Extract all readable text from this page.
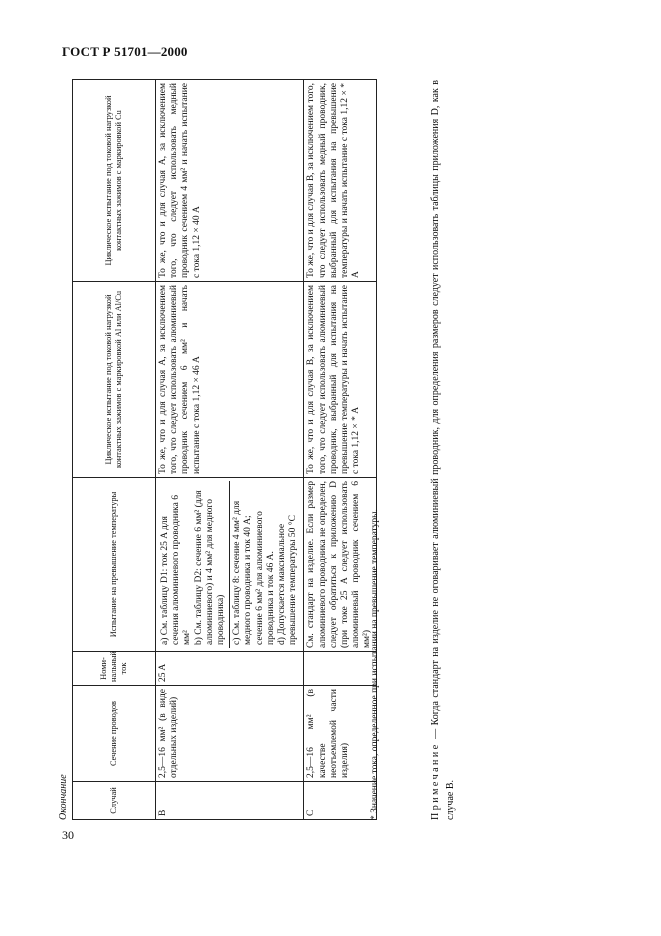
ГОСТ Р 51701—2000
Окончание	Случай	Сечение проводов	Номи-нальный ток	Испытание на превышение температуры	Циклическое испытание под токовой нагрузкой контактных зажимов с маркировкой Al или Al/Cu	Циклическое испытание под токовой нагрузкой контактных зажимов с маркировкой Cu
B	2,5—16 мм² (в виде отдельных изделий)	25 A	a) См. таблицу D1: ток 25 A для сечения алюминиевого проводника 6 мм² b) См. таблицу D2: сечение 6 мм² (для алюминиевого) и 4 мм² для медного проводника) c) См. таблицу 8: сечение 4 мм² для медного проводника и ток 40 A; сечение 6 мм² для алюминиевого проводника и ток 46 A. d) Допускается максимальное превышение температуры 50 °C	То же, что и для случая A, за исключением того, что следует использовать алюминиевый проводник сечением 6 мм² и начать испытание с тока 1,12 × 46 A	То же, что и для случая A, за исключением того, что следует использовать медный проводник сечением 4 мм² и начать испытание с тока 1,12 × 40 A
C	2,5—16 мм² (в качестве неотъемлемой части изделия)		См. стандарт на изделие. Если размер алюминиевого проводника не определен, следует обратиться к приложению D (при токе 25 A следует использовать алюминиевый проводник сечением 6 мм²)	То же, что и для случая B, за исключением того, что следует использовать алюминиевый проводник, выбранный для испытания на превышение температуры и начать испытание с тока 1,12 × * A	То же, что и для случая B, за исключением того, что следует использовать медный проводник, выбранный для испытания на превышение температуры и начать испытание с тока 1,12 × * A
* Значение тока, определенное при испытании на превышение температуры.	Примечание — Когда стандарт на изделие не оговаривает алюминиевый проводник, для определения размеров следует использовать таблицы приложения D, как в случае B.
30
